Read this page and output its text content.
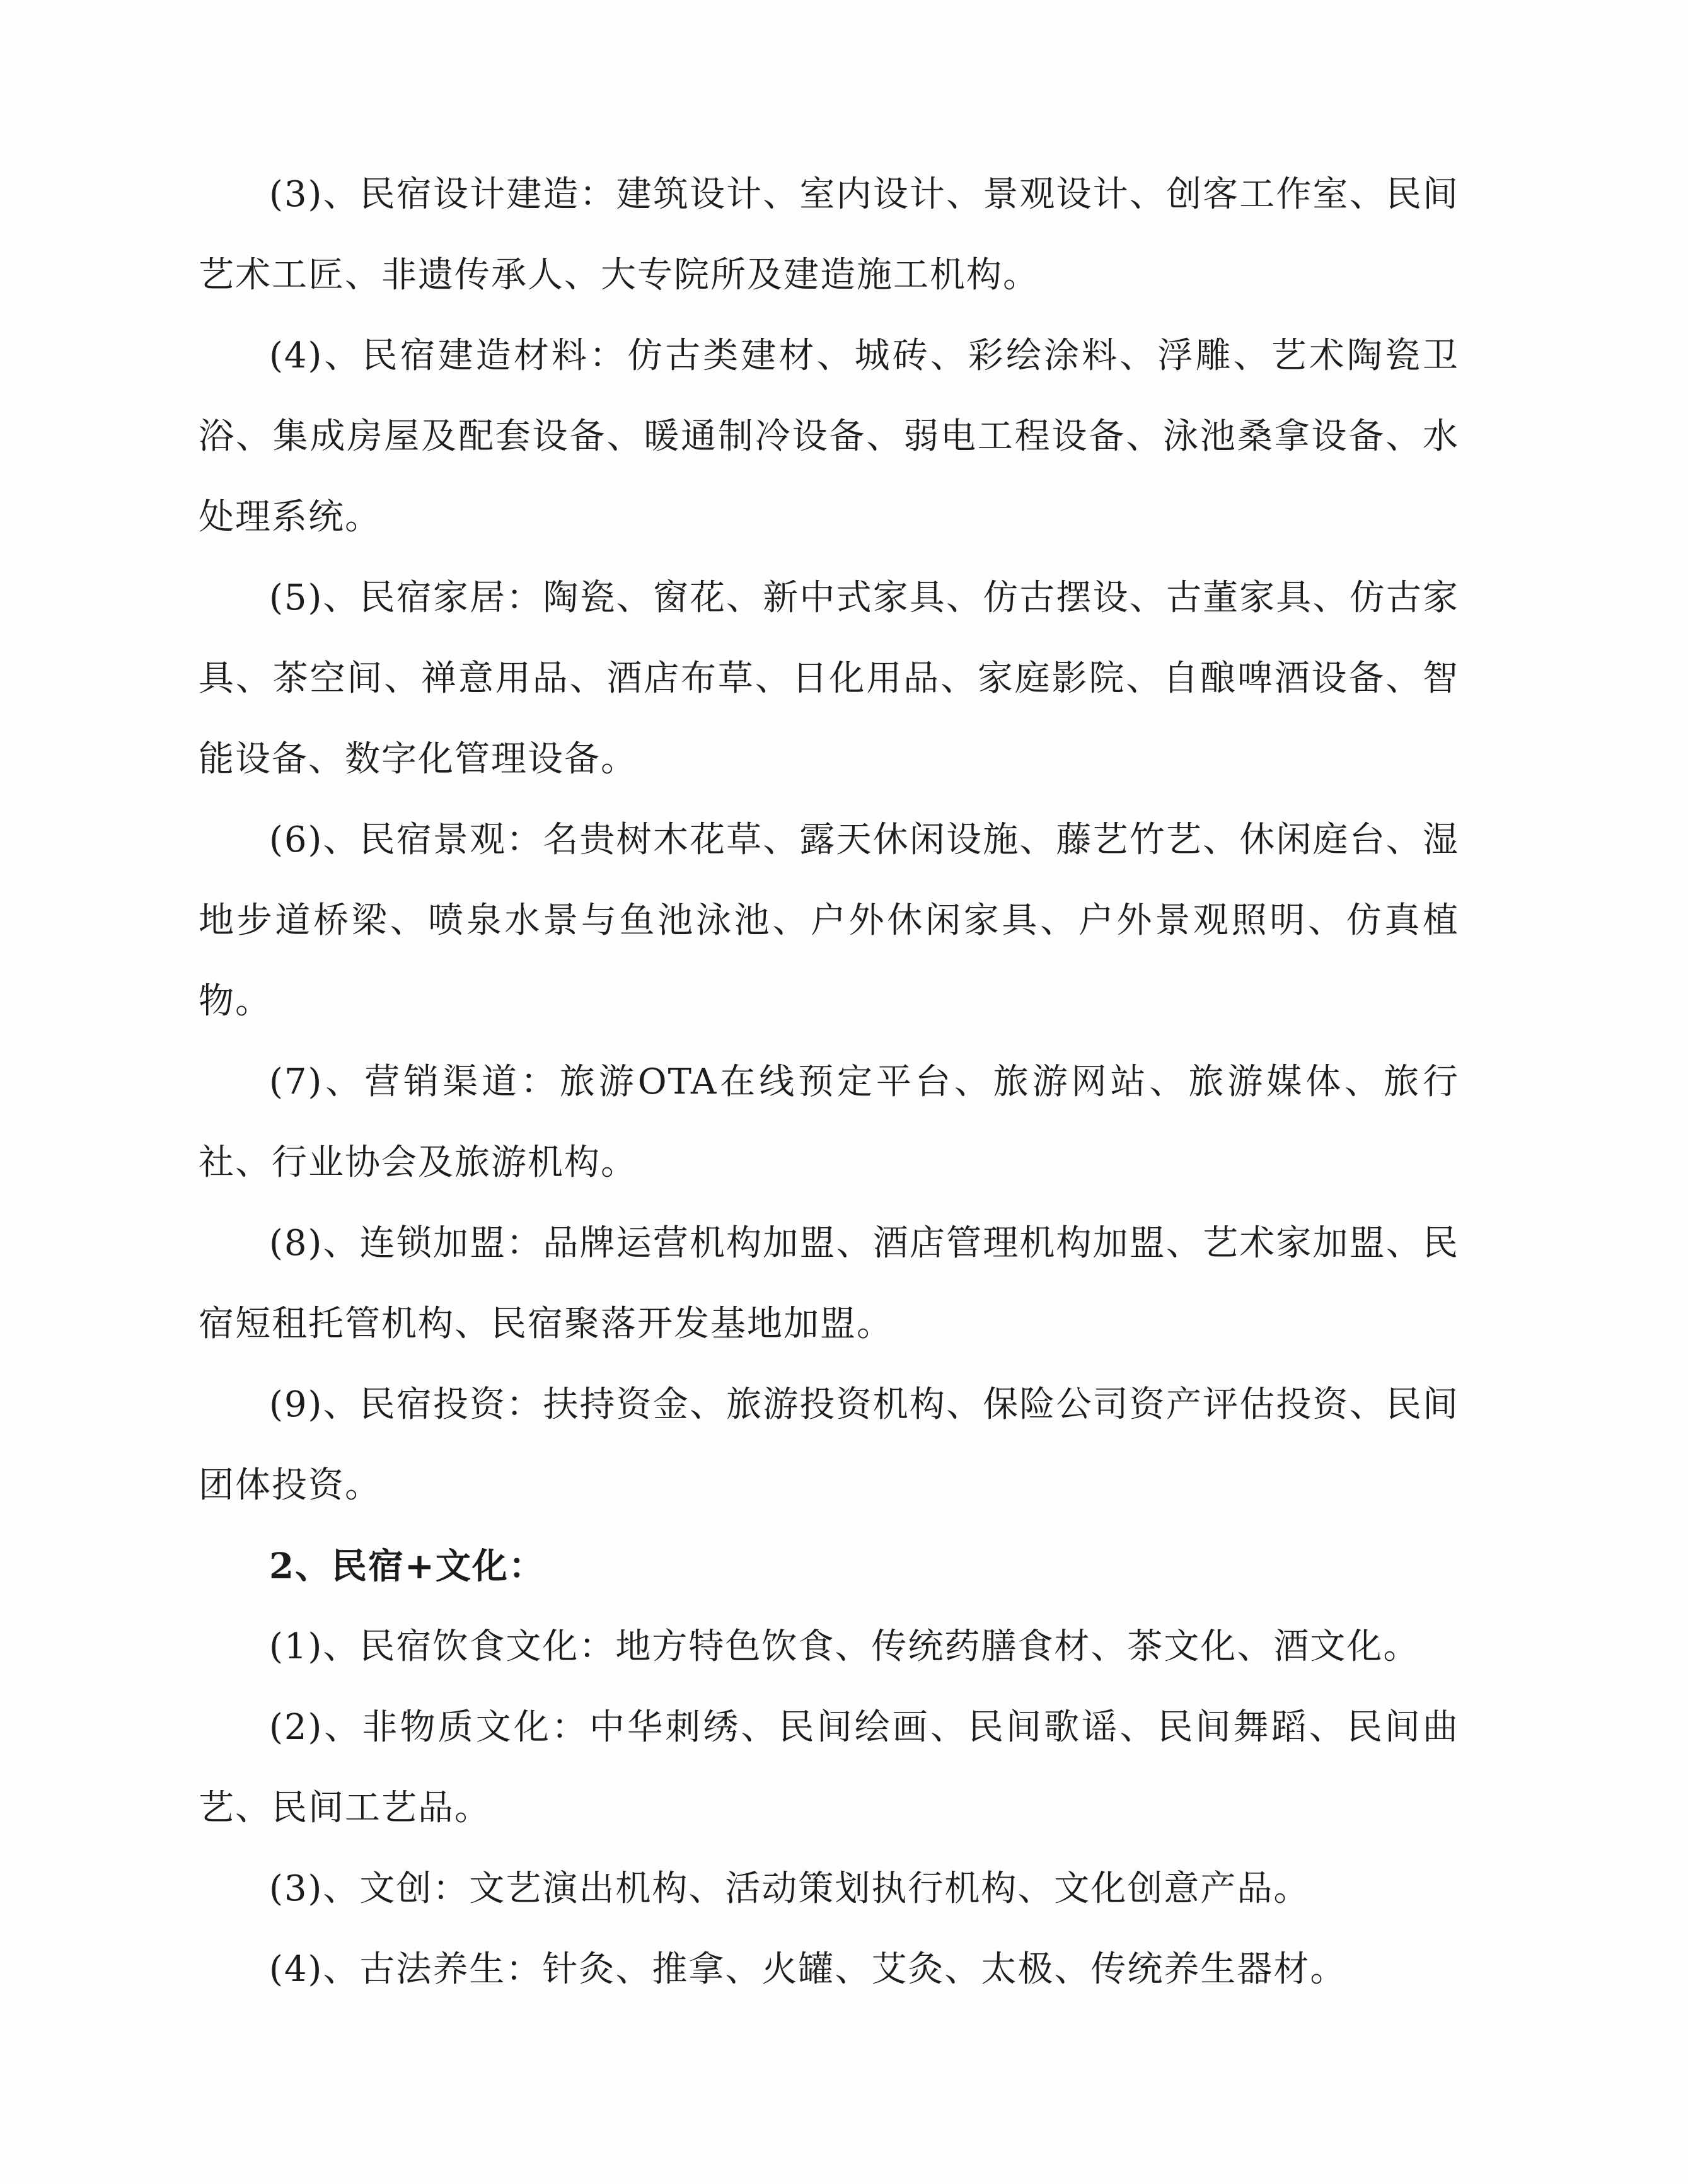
(3)、民宿设计建造：建筑设计、室内设计、景观设计、创客工作室、民间艺术工匠、非遗传承人、大专院所及建造施工机构。

(4)、民宿建造材料：仿古类建材、城砖、彩绘涂料、浮雕、艺术陶瓷卫浴、集成房屋及配套设备、暖通制冷设备、弱电工程设备、泳池桑拿设备、水处理系统。

(5)、民宿家居：陶瓷、窗花、新中式家具、仿古摆设、古董家具、仿古家具、茶空间、禅意用品、酒店布草、日化用品、家庭影院、自酿啤酒设备、智能设备、数字化管理设备。

(6)、民宿景观：名贵树木花草、露天休闲设施、藤艺竹艺、休闲庭台、湿地步道桥梁、喷泉水景与鱼池泳池、户外休闲家具、户外景观照明、仿真植物。

(7)、营销渠道：旅游OTA在线预定平台、旅游网站、旅游媒体、旅行社、行业协会及旅游机构。

(8)、连锁加盟：品牌运营机构加盟、酒店管理机构加盟、艺术家加盟、民宿短租托管机构、民宿聚落开发基地加盟。

(9)、民宿投资：扶持资金、旅游投资机构、保险公司资产评估投资、民间团体投资。

2、民宿+文化：

(1)、民宿饮食文化：地方特色饮食、传统药膳食材、茶文化、酒文化。

(2)、非物质文化：中华刺绣、民间绘画、民间歌谣、民间舞蹈、民间曲艺、民间工艺品。

(3)、文创：文艺演出机构、活动策划执行机构、文化创意产品。

(4)、古法养生：针灸、推拿、火罐、艾灸、太极、传统养生器材。
